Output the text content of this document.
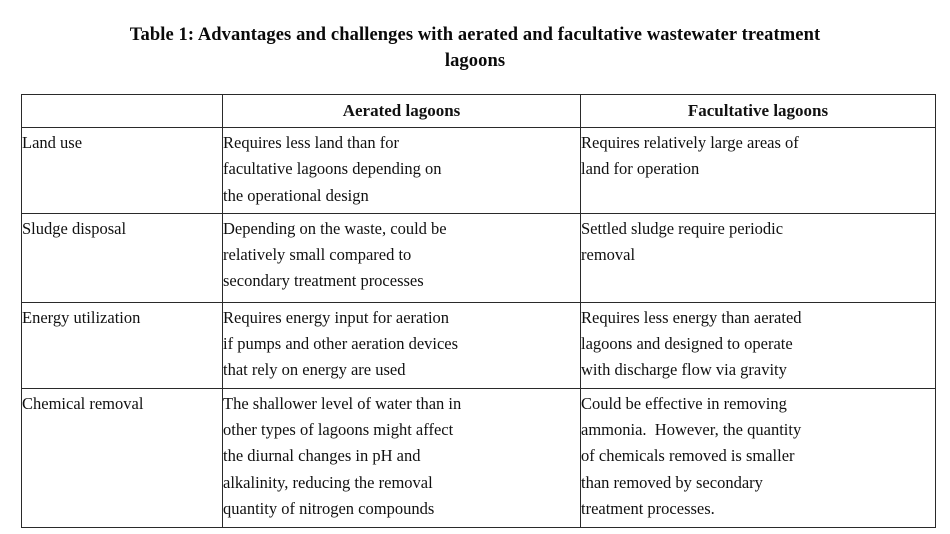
Table 1: Advantages and challenges with aerated and facultative wastewater treatment
lagoons
	Aerated lagoons	Facultative lagoons
Land use	Requires less land than for
facultative lagoons depending on
the operational design	Requires relatively large areas of
land for operation

Sludge disposal	Depending on the waste, could be
relatively small compared to
secondary treatment processes	Settled sludge require periodic
removal

Energy utilization	Requires energy input for aeration
if pumps and other aeration devices
that rely on energy are used	Requires less energy than aerated
lagoons and designed to operate
with discharge flow via gravity

Chemical removal	The shallower level of water than in
other types of lagoons might affect
the diurnal changes in pH and
alkalinity, reducing the removal
quantity of nitrogen compounds	Could be effective in removing
ammonia.  However, the quantity
of chemicals removed is smaller
than removed by secondary
treatment processes.
